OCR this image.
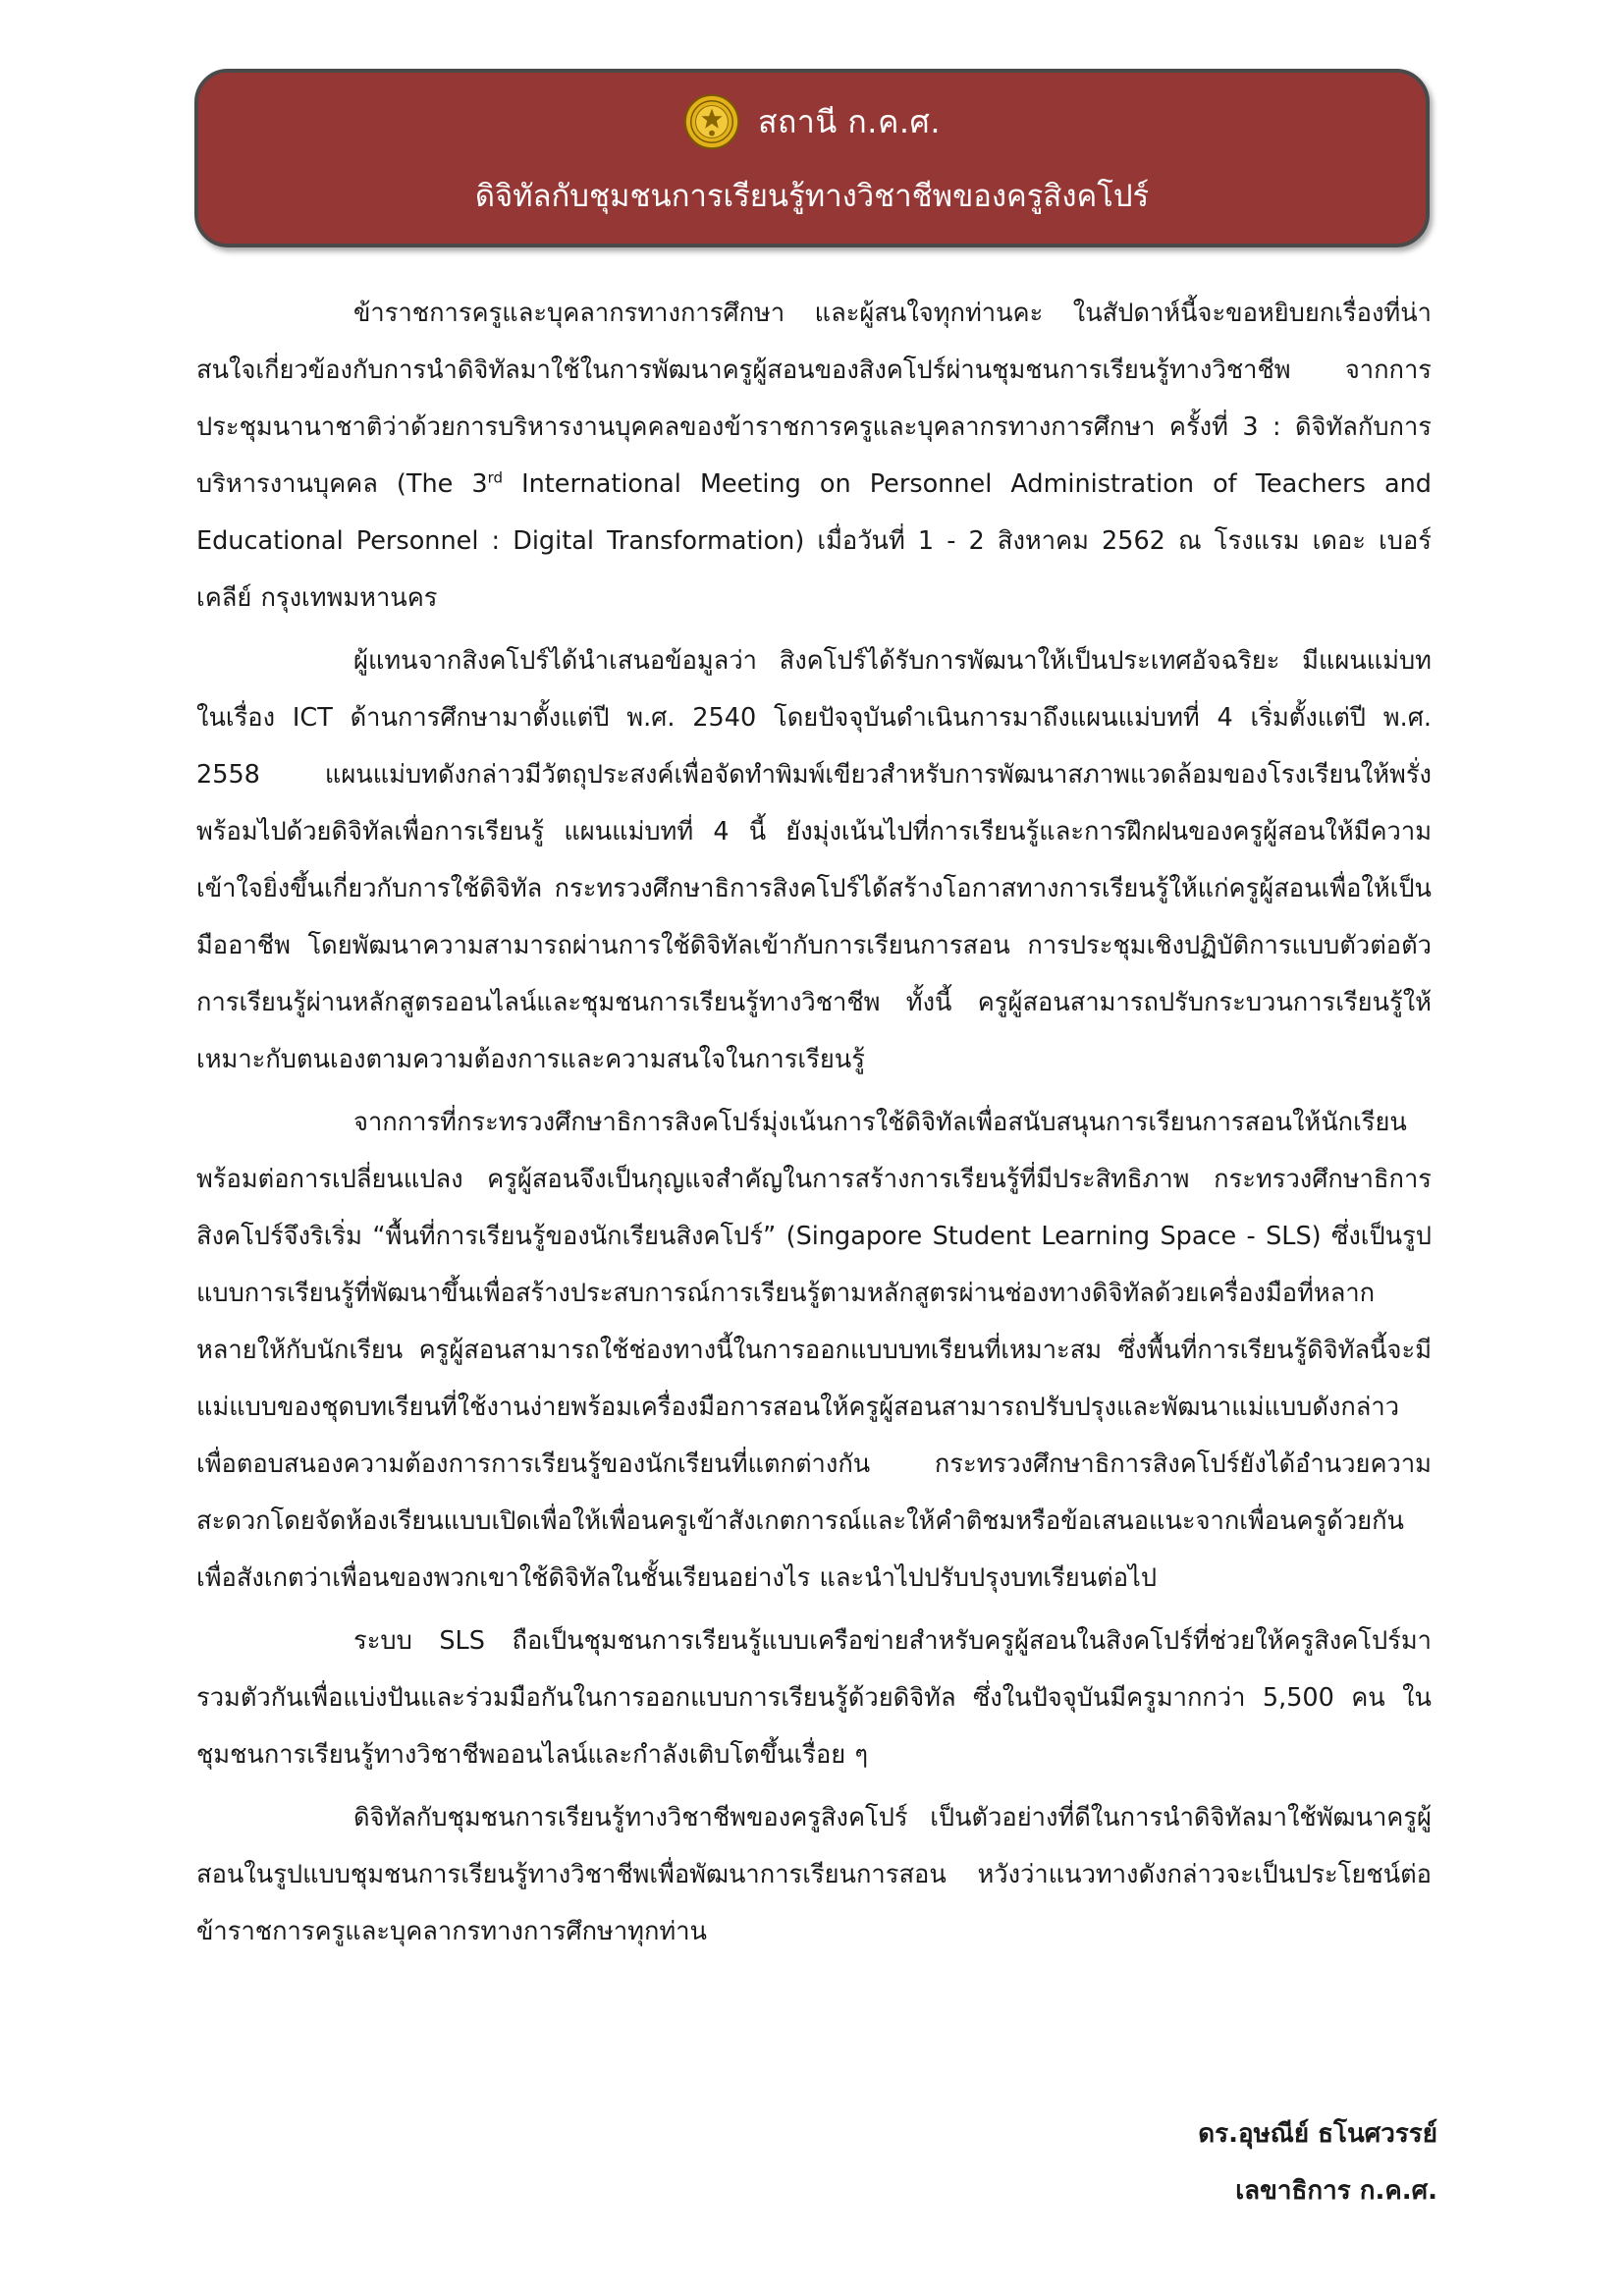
สถานี ก.ค.ศ.
ดิจิทัลกับชุมชนการเรียนรู้ทางวิชาชีพของครูสิงคโปร์

ข้าราชการครูและบุคลากรทางการศึกษา และผู้สนใจทุกท่านคะ ในสัปดาห์นี้จะขอหยิบยกเรื่องที่น่าสนใจเกี่ยวข้องกับการนำดิจิทัลมาใช้ในการพัฒนาครูผู้สอนของสิงคโปร์ผ่านชุมชนการเรียนรู้ทางวิชาชีพ จากการประชุมนานาชาติว่าด้วยการบริหารงานบุคคลของข้าราชการครูและบุคลากรทางการศึกษา ครั้งที่ 3 : ดิจิทัลกับการบริหารงานบุคคล (The 3rd International Meeting on Personnel Administration of Teachers and Educational Personnel : Digital Transformation) เมื่อวันที่ 1 - 2 สิงหาคม 2562 ณ โรงแรม เดอะ เบอร์เคลีย์ กรุงเทพมหานคร

ผู้แทนจากสิงคโปร์ได้นำเสนอข้อมูลว่า สิงคโปร์ได้รับการพัฒนาให้เป็นประเทศอัจฉริยะ มีแผนแม่บทในเรื่อง ICT ด้านการศึกษามาตั้งแต่ปี พ.ศ. 2540 โดยปัจจุบันดำเนินการมาถึงแผนแม่บทที่ 4 เริ่มตั้งแต่ปี พ.ศ. 2558 แผนแม่บทดังกล่าวมีวัตถุประสงค์เพื่อจัดทำพิมพ์เขียวสำหรับการพัฒนาสภาพแวดล้อมของโรงเรียนให้พรั่งพร้อมไปด้วยดิจิทัลเพื่อการเรียนรู้ แผนแม่บทที่ 4 นี้ ยังมุ่งเน้นไปที่การเรียนรู้และการฝึกฝนของครูผู้สอนให้มีความเข้าใจยิ่งขึ้นเกี่ยวกับการใช้ดิจิทัล กระทรวงศึกษาธิการสิงคโปร์ได้สร้างโอกาสทางการเรียนรู้ให้แก่ครูผู้สอนเพื่อให้เป็นมืออาชีพ โดยพัฒนาความสามารถผ่านการใช้ดิจิทัลเข้ากับการเรียนการสอน การประชุมเชิงปฏิบัติการแบบตัวต่อตัว การเรียนรู้ผ่านหลักสูตรออนไลน์และชุมชนการเรียนรู้ทางวิชาชีพ ทั้งนี้ ครูผู้สอนสามารถปรับกระบวนการเรียนรู้ให้เหมาะกับตนเองตามความต้องการและความสนใจในการเรียนรู้

จากการที่กระทรวงศึกษาธิการสิงคโปร์มุ่งเน้นการใช้ดิจิทัลเพื่อสนับสนุนการเรียนการสอนให้นักเรียนพร้อมต่อการเปลี่ยนแปลง ครูผู้สอนจึงเป็นกุญแจสำคัญในการสร้างการเรียนรู้ที่มีประสิทธิภาพ กระทรวงศึกษาธิการสิงคโปร์จึงริเริ่ม “พื้นที่การเรียนรู้ของนักเรียนสิงคโปร์” (Singapore Student Learning Space - SLS) ซึ่งเป็นรูปแบบการเรียนรู้ที่พัฒนาขึ้นเพื่อสร้างประสบการณ์การเรียนรู้ตามหลักสูตรผ่านช่องทางดิจิทัลด้วยเครื่องมือที่หลากหลายให้กับนักเรียน ครูผู้สอนสามารถใช้ช่องทางนี้ในการออกแบบบทเรียนที่เหมาะสม ซึ่งพื้นที่การเรียนรู้ดิจิทัลนี้จะมีแม่แบบของชุดบทเรียนที่ใช้งานง่ายพร้อมเครื่องมือการสอนให้ครูผู้สอนสามารถปรับปรุงและพัฒนาแม่แบบดังกล่าวเพื่อตอบสนองความต้องการการเรียนรู้ของนักเรียนที่แตกต่างกัน กระทรวงศึกษาธิการสิงคโปร์ยังได้อำนวยความสะดวกโดยจัดห้องเรียนแบบเปิดเพื่อให้เพื่อนครูเข้าสังเกตการณ์และให้คำติชมหรือข้อเสนอแนะจากเพื่อนครูด้วยกัน เพื่อสังเกตว่าเพื่อนของพวกเขาใช้ดิจิทัลในชั้นเรียนอย่างไร และนำไปปรับปรุงบทเรียนต่อไป

ระบบ SLS ถือเป็นชุมชนการเรียนรู้แบบเครือข่ายสำหรับครูผู้สอนในสิงคโปร์ที่ช่วยให้ครูสิงคโปร์มารวมตัวกันเพื่อแบ่งปันและร่วมมือกันในการออกแบบการเรียนรู้ด้วยดิจิทัล ซึ่งในปัจจุบันมีครูมากกว่า 5,500 คน ในชุมชนการเรียนรู้ทางวิชาชีพออนไลน์และกำลังเติบโตขึ้นเรื่อย ๆ

ดิจิทัลกับชุมชนการเรียนรู้ทางวิชาชีพของครูสิงคโปร์ เป็นตัวอย่างที่ดีในการนำดิจิทัลมาใช้พัฒนาครูผู้สอนในรูปแบบชุมชนการเรียนรู้ทางวิชาชีพเพื่อพัฒนาการเรียนการสอน หวังว่าแนวทางดังกล่าวจะเป็นประโยชน์ต่อข้าราชการครูและบุคลากรทางการศึกษาทุกท่าน

ดร.อุษณีย์ ธโนศวรรย์
เลขาธิการ ก.ค.ศ.
